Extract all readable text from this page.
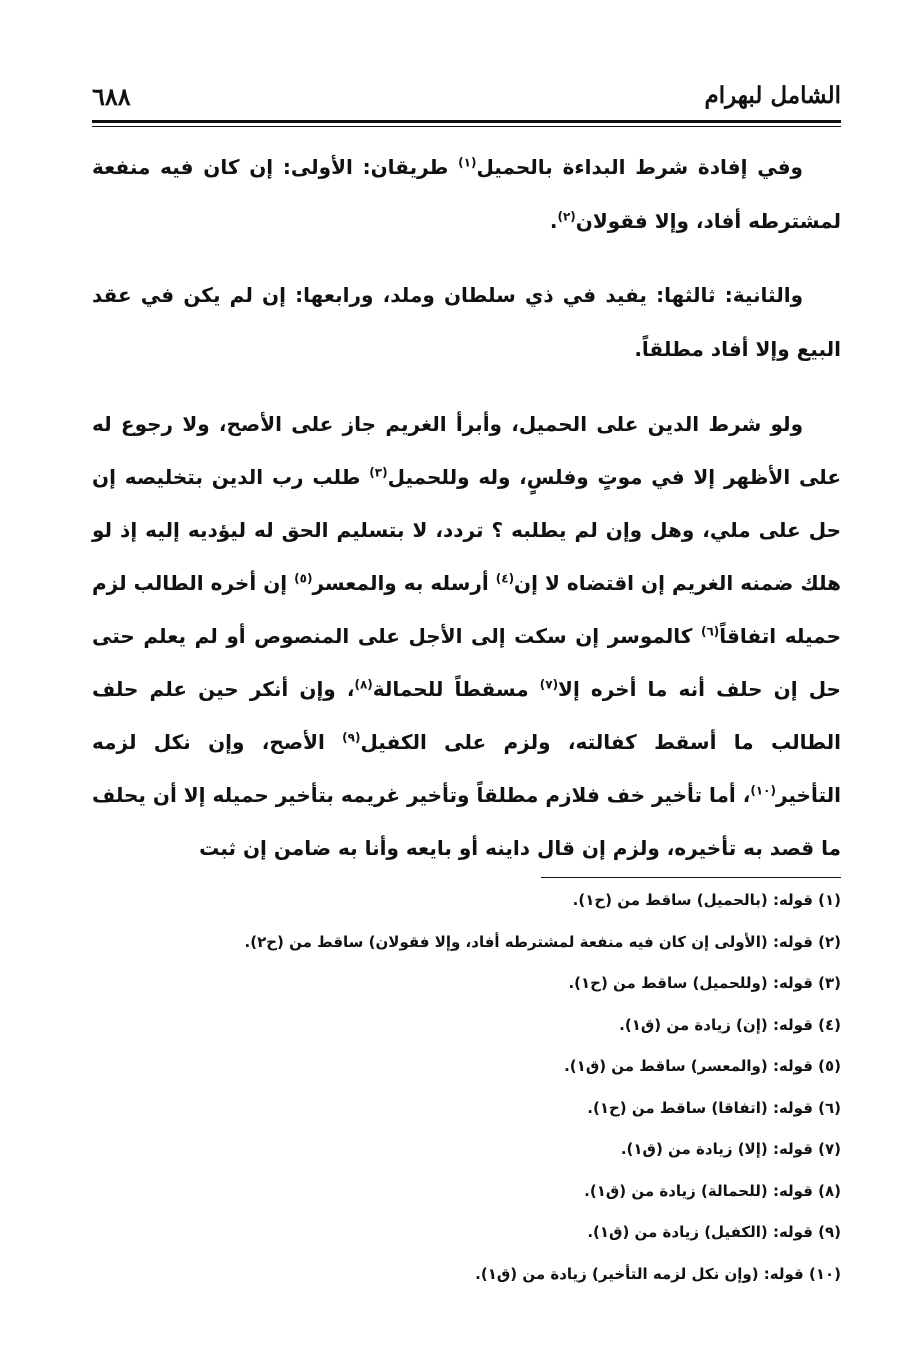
الشامل لبهرام
٦٨٨

وفي إفادة شرط البداءة بالحميل$^{(١)}$ طريقان: الأولى: إن كان فيه منفعة لمشترطه أفاد، وإلا فقولان$^{(٢)}$.

والثانية: ثالثها: يفيد في ذي سلطان وملد، ورابعها: إن لم يكن في عقد البيع وإلا أفاد مطلقاً.

ولو شرط الدين على الحميل، وأبرأ الغريم جاز على الأصح، ولا رجوع له على الأظهر إلا في موتٍ وفلسٍ، وله وللحميل$^{(٣)}$ طلب رب الدين بتخليصه إن حل على ملي، وهل وإن لم يطلبه ؟ تردد، لا بتسليم الحق له ليؤديه إليه إذ لو هلك ضمنه الغريم إن اقتضاه لا إن$^{(٤)}$ أرسله به والمعسر$^{(٥)}$ إن أخره الطالب لزم حميله اتفاقاً$^{(٦)}$ كالموسر إن سكت إلى الأجل على المنصوص أو لم يعلم حتى حل إن حلف أنه ما أخره إلا$^{(٧)}$ مسقطاً للحمالة$^{(٨)}$، وإن أنكر حين علم حلف الطالب ما أسقط كفالته، ولزم على الكفيل$^{(٩)}$ الأصح، وإن نكل لزمه التأخير$^{(١٠)}$، أما تأخير خف فلازم مطلقاً وتأخير غريمه بتأخير حميله إلا أن يحلف ما قصد به تأخيره، ولزم إن قال داينه أو بايعه وأنا به ضامن إن ثبت

(١) قوله: (بالحميل) ساقط من (ح١).
(٢) قوله: (الأولى إن كان فيه منفعة لمشترطه أفاد، وإلا فقولان) ساقط من (ح٢).
(٣) قوله: (وللحميل) ساقط من (ح١).
(٤) قوله: (إن) زيادة من (ق١).
(٥) قوله: (والمعسر) ساقط من (ق١).
(٦) قوله: (اتفاقا) ساقط من (ح١).
(٧) قوله: (إلا) زيادة من (ق١).
(٨) قوله: (للحمالة) زيادة من (ق١).
(٩) قوله: (الكفيل) زيادة من (ق١).
(١٠) قوله: (وإن نكل لزمه التأخير) زيادة من (ق١).
